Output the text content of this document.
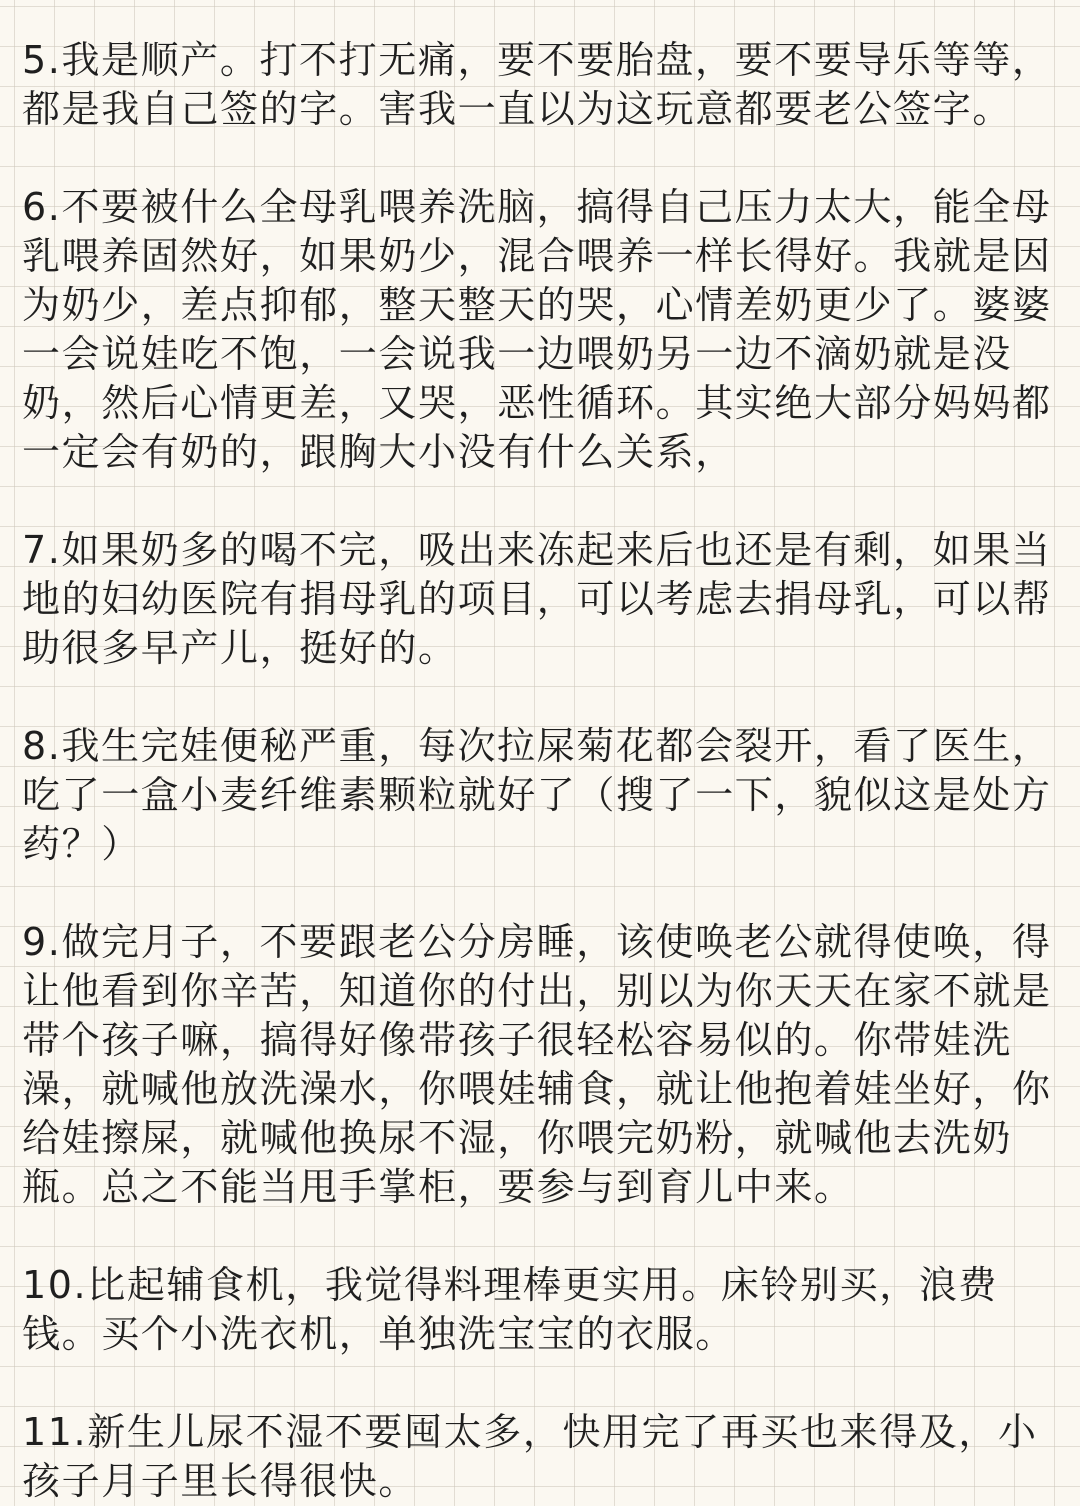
5.我是顺产。打不打无痛，要不要胎盘，要不要导乐等等，都是我自己签的字。害我一直以为这玩意都要老公签字。

6.不要被什么全母乳喂养洗脑，搞得自己压力太大，能全母乳喂养固然好，如果奶少，混合喂养一样长得好。我就是因为奶少，差点抑郁，整天整天的哭，心情差奶更少了。婆婆一会说娃吃不饱，一会说我一边喂奶另一边不滴奶就是没奶，然后心情更差，又哭，恶性循环。其实绝大部分妈妈都一定会有奶的，跟胸大小没有什么关系，

7.如果奶多的喝不完，吸出来冻起来后也还是有剩，如果当地的妇幼医院有捐母乳的项目，可以考虑去捐母乳，可以帮助很多早产儿，挺好的。

8.我生完娃便秘严重，每次拉屎菊花都会裂开，看了医生，吃了一盒小麦纤维素颗粒就好了（搜了一下，貌似这是处方药？）

9.做完月子，不要跟老公分房睡，该使唤老公就得使唤，得让他看到你辛苦，知道你的付出，别以为你天天在家不就是带个孩子嘛，搞得好像带孩子很轻松容易似的。你带娃洗澡，就喊他放洗澡水，你喂娃辅食，就让他抱着娃坐好，你给娃擦屎，就喊他换尿不湿，你喂完奶粉，就喊他去洗奶瓶。总之不能当甩手掌柜，要参与到育儿中来。

10.比起辅食机，我觉得料理棒更实用。床铃别买，浪费钱。买个小洗衣机，单独洗宝宝的衣服。

11.新生儿尿不湿不要囤太多，快用完了再买也来得及，小孩子月子里长得很快。
